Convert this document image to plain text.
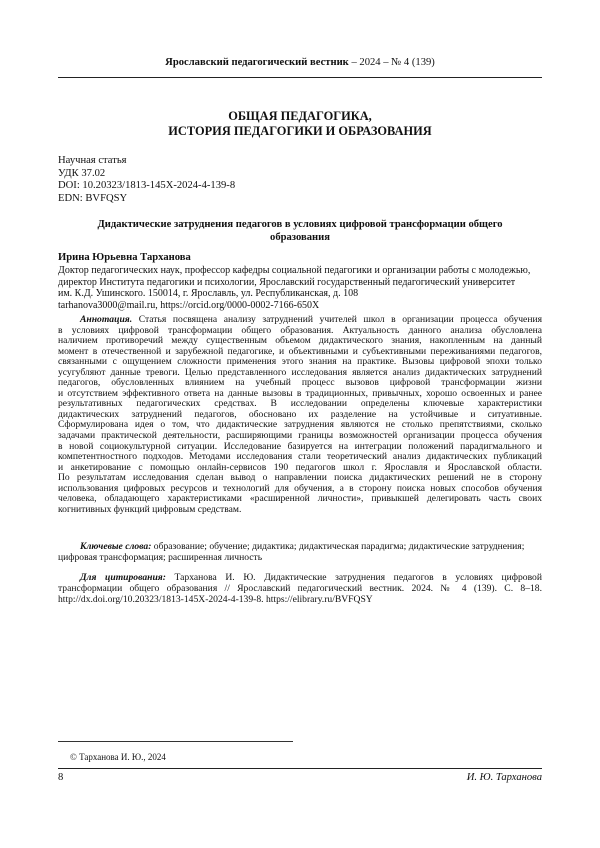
Ярославский педагогический вестник – 2024 – № 4 (139)
ОБЩАЯ ПЕДАГОГИКА,
ИСТОРИЯ ПЕДАГОГИКИ И ОБРАЗОВАНИЯ
Научная статья
УДК 37.02
DOI: 10.20323/1813-145X-2024-4-139-8
EDN: BVFQSY
Дидактические затруднения педагогов в условиях цифровой трансформации общего образования
Ирина Юрьевна Тарханова
Доктор педагогических наук, профессор кафедры социальной педагогики и организации работы с молодежью,
директор Института педагогики и психологии, Ярославский государственный педагогический университет
им. К.Д. Ушинского. 150014, г. Ярославль, ул. Республиканская, д. 108
tarhanova3000@mail.ru, https://orcid.org/0000-0002-7166-650X
Аннотация. Статья посвящена анализу затруднений учителей школ в организации процесса обучения
в условиях цифровой трансформации общего образования. Актуальность данного анализа обусловлена
наличием противоречий между существенным объемом дидактического знания, накопленным на данный
момент в отечественной и зарубежной педагогике, и объективными и субъективными переживаниями педагогов,
связанными с ощущением сложности применения этого знания на практике. Вызовы цифровой эпохи только
усугубляют данные тревоги. Целью представленного исследования является анализ дидактических затруднений
педагогов, обусловленных влиянием на учебный процесс вызовов цифровой трансформации жизни
и отсутствием эффективного ответа на данные вызовы в традиционных, привычных, хорошо освоенных и ранее
результативных педагогических средствах. В исследовании определены ключевые характеристики
дидактических затруднений педагогов, обосновано их разделение на устойчивые и ситуативные.
Сформулирована идея о том, что дидактические затруднения являются не столько препятствиями, сколько
задачами практической деятельности, расширяющими границы возможностей организации процесса обучения
в новой социокультурной ситуации. Исследование базируется на интеграции положений парадигмального и
компетентностного подходов. Методами исследования стали теоретический анализ дидактических публикаций
и анкетирование с помощью онлайн-сервисов 190 педагогов школ г. Ярославля и Ярославской области.
По результатам исследования сделан вывод о направлении поиска дидактических решений не в сторону
использования цифровых ресурсов и технологий для обучения, а в сторону поиска новых способов обучения
человека, обладающего характеристиками «расширенной личности», привыкшей делегировать часть своих
когнитивных функций цифровым средствам.
Ключевые слова: образование; обучение; дидактика; дидактическая парадигма; дидактические затруднения;
цифровая трансформация; расширенная личность
Для цитирования: Тарханова И. Ю. Дидактические затруднения педагогов в условиях цифровой
трансформации общего образования // Ярославский педагогический вестник. 2024. № 4 (139). С. 8–18.
http://dx.doi.org/10.20323/1813-145X-2024-4-139-8. https://elibrary.ru/BVFQSY
© Тарханова И. Ю., 2024
8	И. Ю. Тарханова
